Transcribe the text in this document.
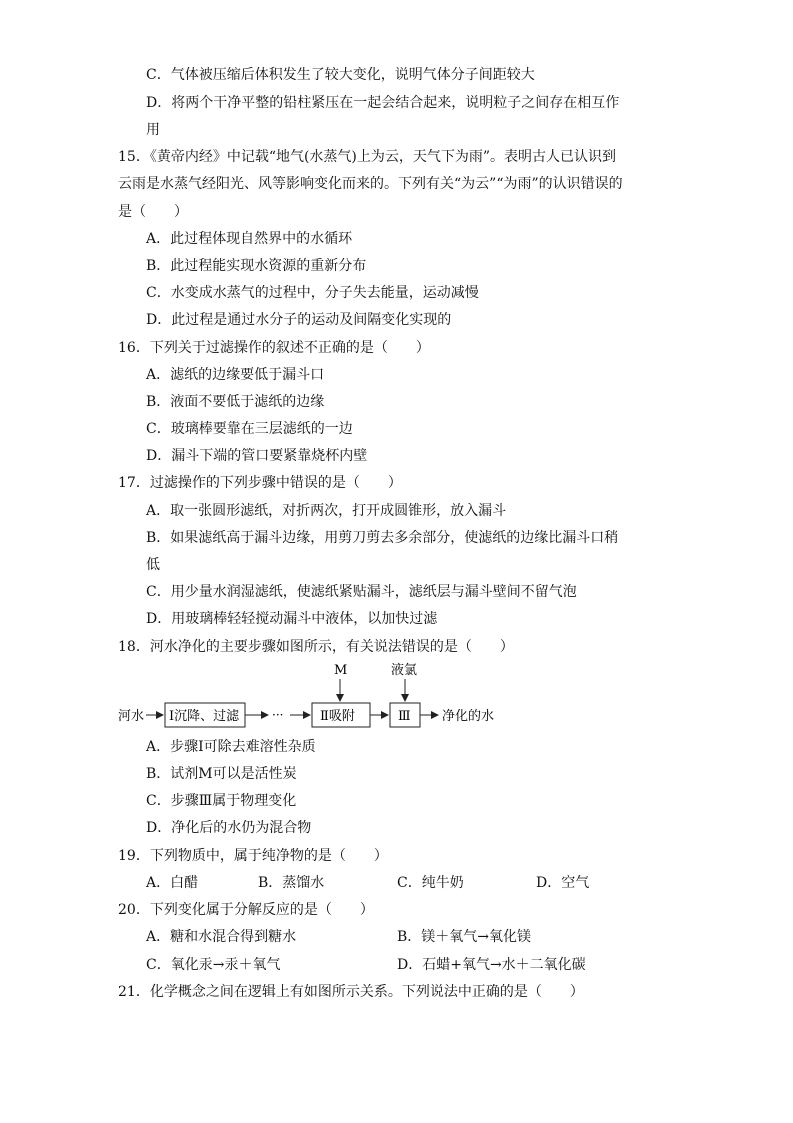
C．气体被压缩后体积发生了较大变化，说明气体分子间距较大
D．将两个干净平整的铅柱紧压在一起会结合起来，说明粒子之间存在相互作
用
15．《黄帝内经》中记载“地气(水蒸气)上为云，天气下为雨”。表明古人已认识到
云雨是水蒸气经阳光、风等影响变化而来的。下列有关“为云”“为雨”的认识错误的
是（　　）
A．此过程体现自然界中的水循环
B．此过程能实现水资源的重新分布
C．水变成水蒸气的过程中，分子失去能量，运动减慢
D．此过程是通过水分子的运动及间隔变化实现的
16．下列关于过滤操作的叙述不正确的是（　　）
A．滤纸的边缘要低于漏斗口
B．液面不要低于滤纸的边缘
C．玻璃棒要靠在三层滤纸的一边
D．漏斗下端的管口要紧靠烧杯内壁
17．过滤操作的下列步骤中错误的是（　　）
A．取一张圆形滤纸，对折两次，打开成圆锥形，放入漏斗
B．如果滤纸高于漏斗边缘，用剪刀剪去多余部分，使滤纸的边缘比漏斗口稍
低
C．用少量水润湿滤纸，使滤纸紧贴漏斗，滤纸层与漏斗壁间不留气泡
D．用玻璃棒轻轻搅动漏斗中液体，以加快过滤
18．河水净化的主要步骤如图所示，有关说法错误的是（　　）
河水 Ⅰ沉降、过滤	···	Ⅱ吸附
M
Ⅲ
液氯
净化的水
A．步骤Ⅰ可除去难溶性杂质
B．试剂M可以是活性炭
C．步骤Ⅲ属于物理变化
D．净化后的水仍为混合物
19．下列物质中，属于纯净物的是（　　）
A．白醋	B．蒸馏水	C．纯牛奶	D．空气
20．下列变化属于分解反应的是（　　）
A．糖和水混合得到糖水	B．镁＋氧气→氧化镁
C．氧化汞→汞＋氧气	D．石蜡+氧气→水＋二氧化碳
21．化学概念之间在逻辑上有如图所示关系。下列说法中正确的是（　　）
